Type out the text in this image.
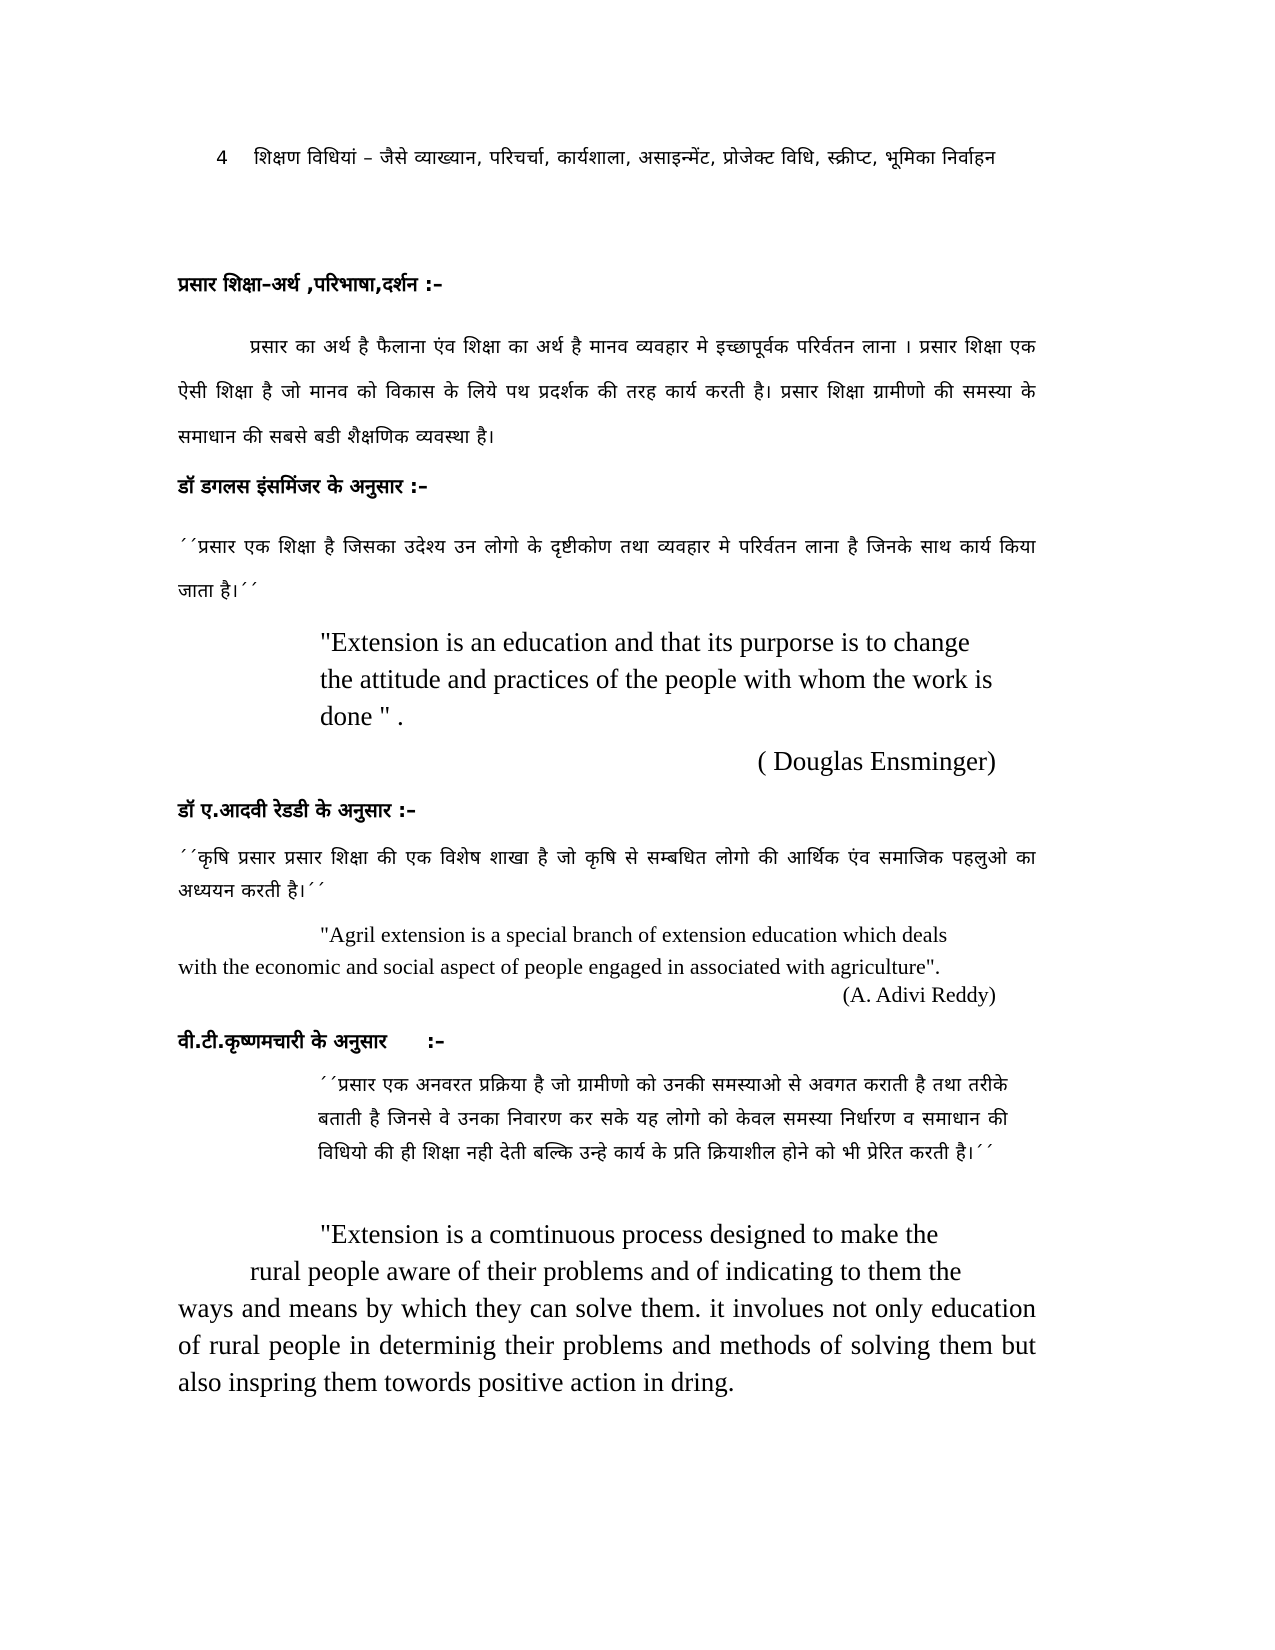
4	शिक्षण विधियां – जैसे व्याख्यान, परिचर्चा, कार्यशाला, असाइन्मेंट, प्रोजेक्ट विधि, स्क्रीप्ट, भूमिका निर्वाहन
प्रसार शिक्षा–अर्थ ,परिभाषा,दर्शन :–

प्रसार का अर्थ है फैलाना एंव शिक्षा का अर्थ है मानव व्यवहार मे इच्छापूर्वक परिर्वतन लाना । प्रसार शिक्षा एक ऐसी शिक्षा है जो मानव को विकास के लिये पथ प्रदर्शक की तरह कार्य करती है। प्रसार शिक्षा ग्रामीणो की समस्या के समाधान की सबसे बडी शैक्षणिक व्यवस्था है।

डॉ डगलस इंसमिंजर के अनुसार :–

´´प्रसार एक शिक्षा है जिसका उदेश्य उन लोगो के दृष्टीकोण तथा व्यवहार मे परिर्वतन लाना है जिनके साथ कार्य किया जाता है।´´

"Extension is an education and that its purporse is to change the attitude and practices of the people with whom the work is done " .

( Douglas Ensminger)
डॉ ए.आदवी रेडडी के अनुसार :–

´´कृषि प्रसार प्रसार शिक्षा की एक विशेष शाखा है जो कृषि से सम्बधित लोगो की आर्थिक एंव समाजिक पहलुओ का अध्ययन करती है।´´

"Agril extension is a special branch of extension education which deals
with the economic and social aspect of people engaged in associated with agriculture".
(A. Adivi Reddy)
वी.टी.कृष्णमचारी के अनुसार :–

´´प्रसार एक अनवरत प्रक्रिया है जो ग्रामीणो को उनकी समस्याओ से अवगत कराती है तथा तरीके बताती है जिनसे वे उनका निवारण कर सके यह लोगो को केवल समस्या निर्धारण व समाधान की विधियो की ही शिक्षा नही देती बल्कि उन्हे कार्य के प्रति क्रियाशील होने को भी प्रेरित करती है।´´

"Extension is a comtinuous process designed to make the
rural people aware of their problems and of indicating to them the
ways and means by which they can solve them. it involues not only education of rural people in determinig their problems and methods of solving them but also inspring them towords positive action in dring.
